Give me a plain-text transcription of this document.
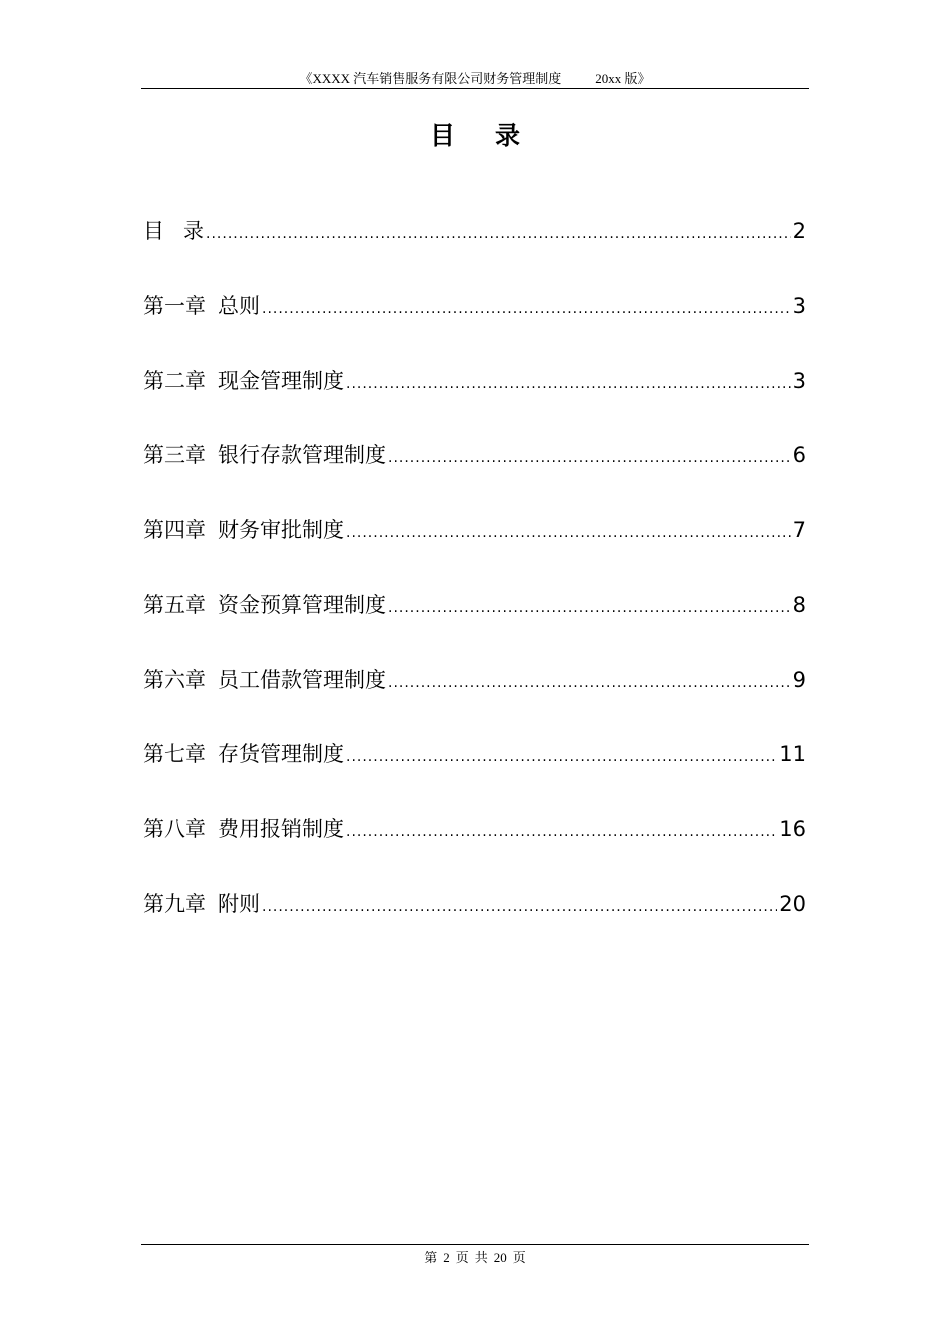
《XXXX 汽车销售服务有限公司财务管理制度	20xx 版》
目 录
目 录 .....	2
第一章 总则 .....	3
第二章 现金管理制度 .....	3
第三章 银行存款管理制度 .....	6
第四章 财务审批制度 .....	7
第五章 资金预算管理制度 .....	8
第六章 员工借款管理制度 .....	9
第七章 存货管理制度 .....	11
第八章 费用报销制度 .....	16
第九章 附则 .....	20
第 2 页 共 20 页
